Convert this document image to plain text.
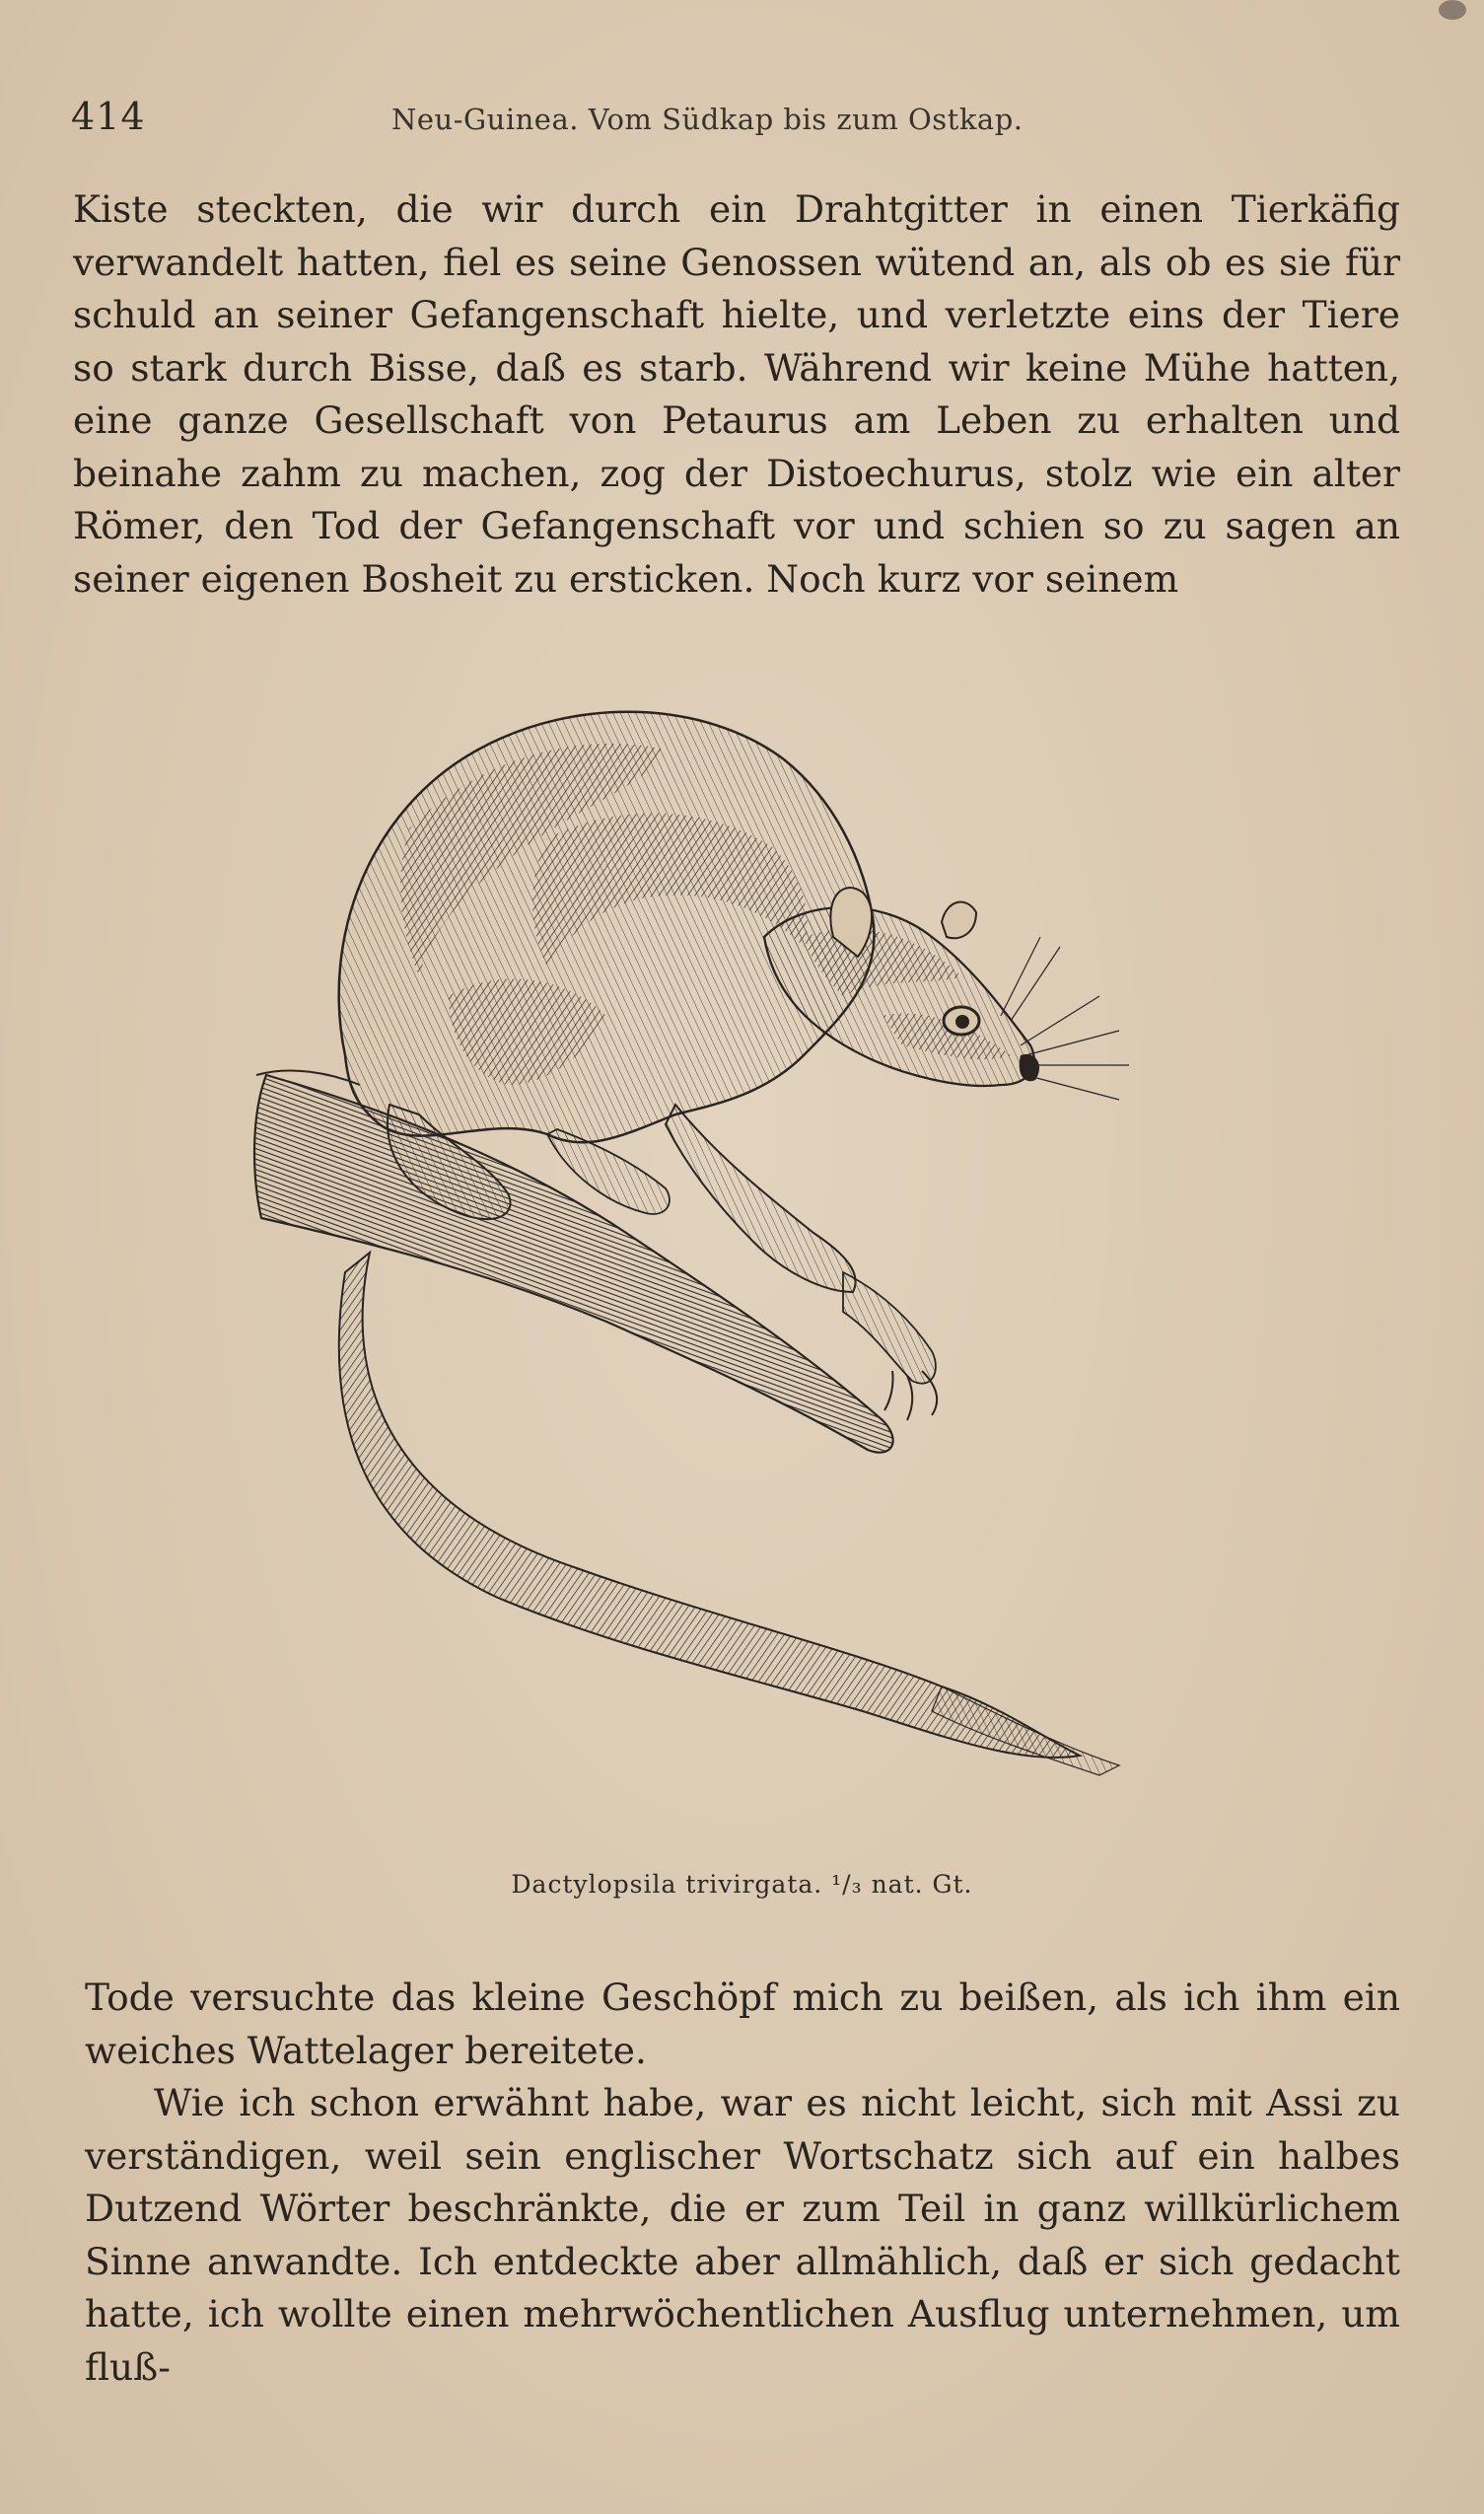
414	Neu-Guinea. Vom Südkap bis zum Ostkap.

Kiste steckten, die wir durch ein Drahtgitter in einen Tierkäfig verwandelt hatten, fiel es seine Genossen wütend an, als ob es sie für schuld an seiner Gefangenschaft hielte, und verletzte eins der Tiere so stark durch Bisse, daß es starb. Während wir keine Mühe hatten, eine ganze Gesellschaft von Petaurus am Leben zu erhalten und beinahe zahm zu machen, zog der Distoechurus, stolz wie ein alter Römer, den Tod der Gefangenschaft vor und schien so zu sagen an seiner eigenen Bosheit zu ersticken. Noch kurz vor seinem

Dactylopsila trivirgata. ¹/₃ nat. Gt.

Tode versuchte das kleine Geschöpf mich zu beißen, als ich ihm ein weiches Wattelager bereitete.

Wie ich schon erwähnt habe, war es nicht leicht, sich mit Assi zu verständigen, weil sein englischer Wortschatz sich auf ein halbes Dutzend Wörter beschränkte, die er zum Teil in ganz willkürlichem Sinne anwandte. Ich entdeckte aber allmählich, daß er sich gedacht hatte, ich wollte einen mehrwöchentlichen Ausflug unternehmen, um fluß-
